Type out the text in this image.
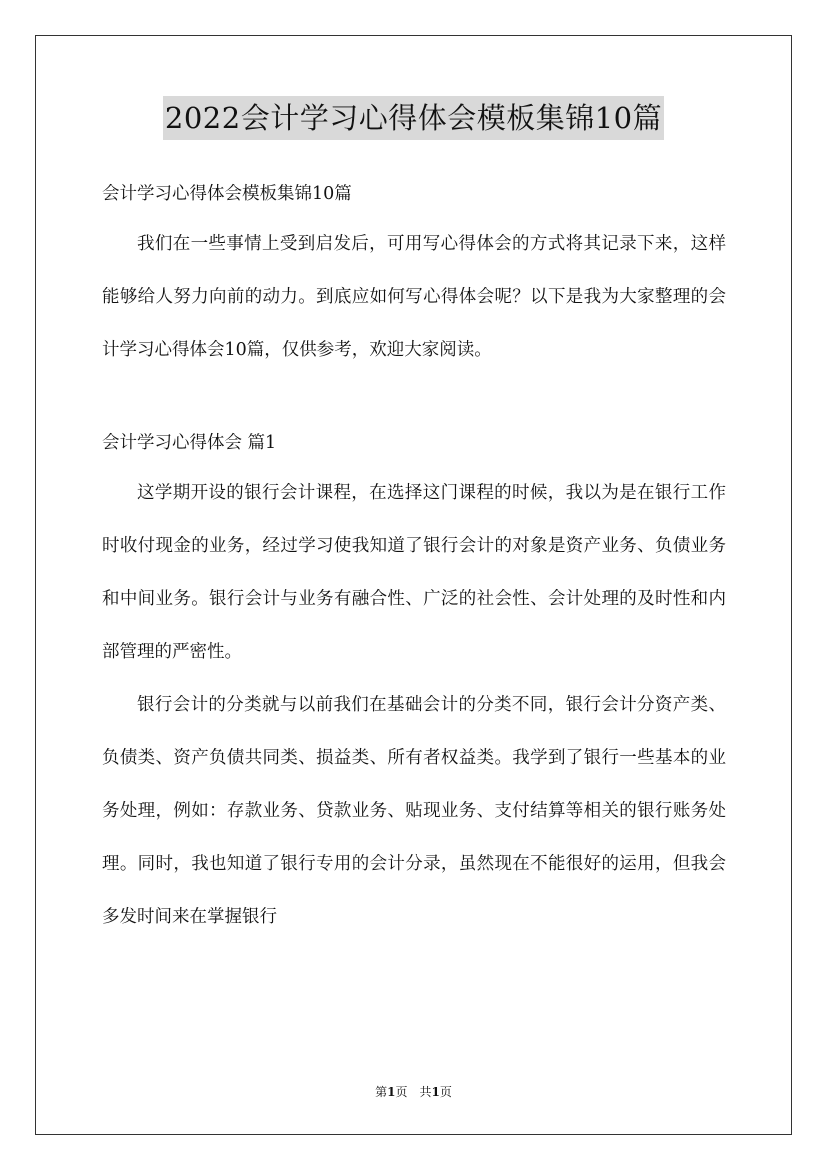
2022会计学习心得体会模板集锦10篇

会计学习心得体会模板集锦10篇

我们在一些事情上受到启发后，可用写心得体会的方式将其记录下来，这样能够给人努力向前的动力。到底应如何写心得体会呢？以下是我为大家整理的会计学习心得体会10篇，仅供参考，欢迎大家阅读。

会计学习心得体会 篇1

这学期开设的银行会计课程，在选择这门课程的时候，我以为是在银行工作时收付现金的业务，经过学习使我知道了银行会计的对象是资产业务、负债业务和中间业务。银行会计与业务有融合性、广泛的社会性、会计处理的及时性和内部管理的严密性。

银行会计的分类就与以前我们在基础会计的分类不同，银行会计分资产类、负债类、资产负债共同类、损益类、所有者权益类。我学到了银行一些基本的业务处理，例如：存款业务、贷款业务、贴现业务、支付结算等相关的银行账务处理。同时，我也知道了银行专用的会计分录，虽然现在不能很好的运用，但我会多发时间来在掌握银行

第1页　共1页
